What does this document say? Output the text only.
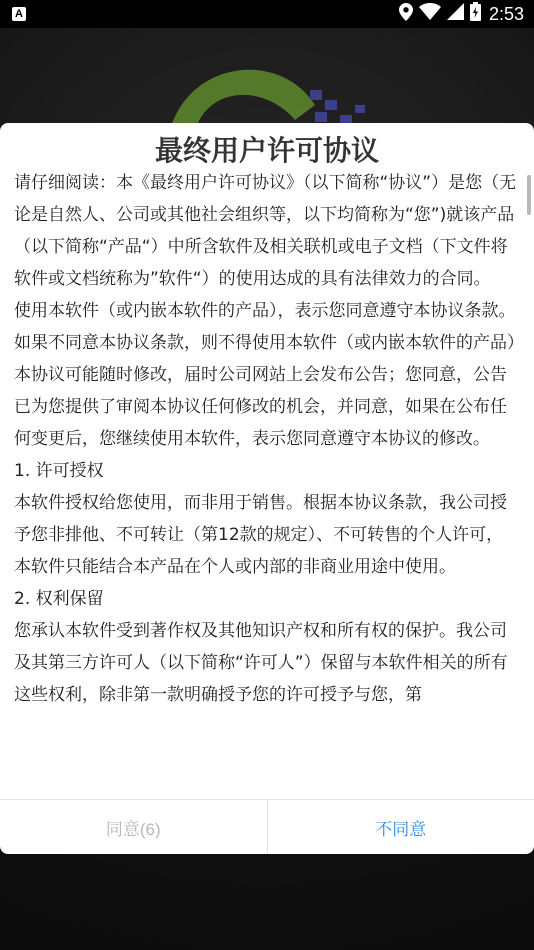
A	2:53
最终用户许可协议

请仔细阅读：本《最终用户许可协议》（以下简称“协议”）是您（无论是自然人、公司或其他社会组织等，以下均简称为“您”)就该产品（以下简称“产品“）中所含软件及相关联机或电子文档（下文件将软件或文档统称为”软件“）的使用达成的具有法律效力的合同。

使用本软件（或内嵌本软件的产品），表示您同意遵守本协议条款。如果不同意本协议条款，则不得使用本软件（或内嵌本软件的产品）本协议可能随时修改，届时公司网站上会发布公告；您同意，公告已为您提供了审阅本协议任何修改的机会，并同意，如果在公布任何变更后，您继续使用本软件，表示您同意遵守本协议的修改。

1. 许可授权

本软件授权给您使用，而非用于销售。根据本协议条款，我公司授予您非排他、不可转让（第12款的规定）、不可转售的个人许可，本软件只能结合本产品在个人或内部的非商业用途中使用。

2. 权利保留

您承认本软件受到著作权及其他知识产权和所有权的保护。我公司及其第三方许可人（以下简称“许可人”）保留与本软件相关的所有这些权利，除非第一款明确授予您的许可授予与您，第

同意(6)	不同意
